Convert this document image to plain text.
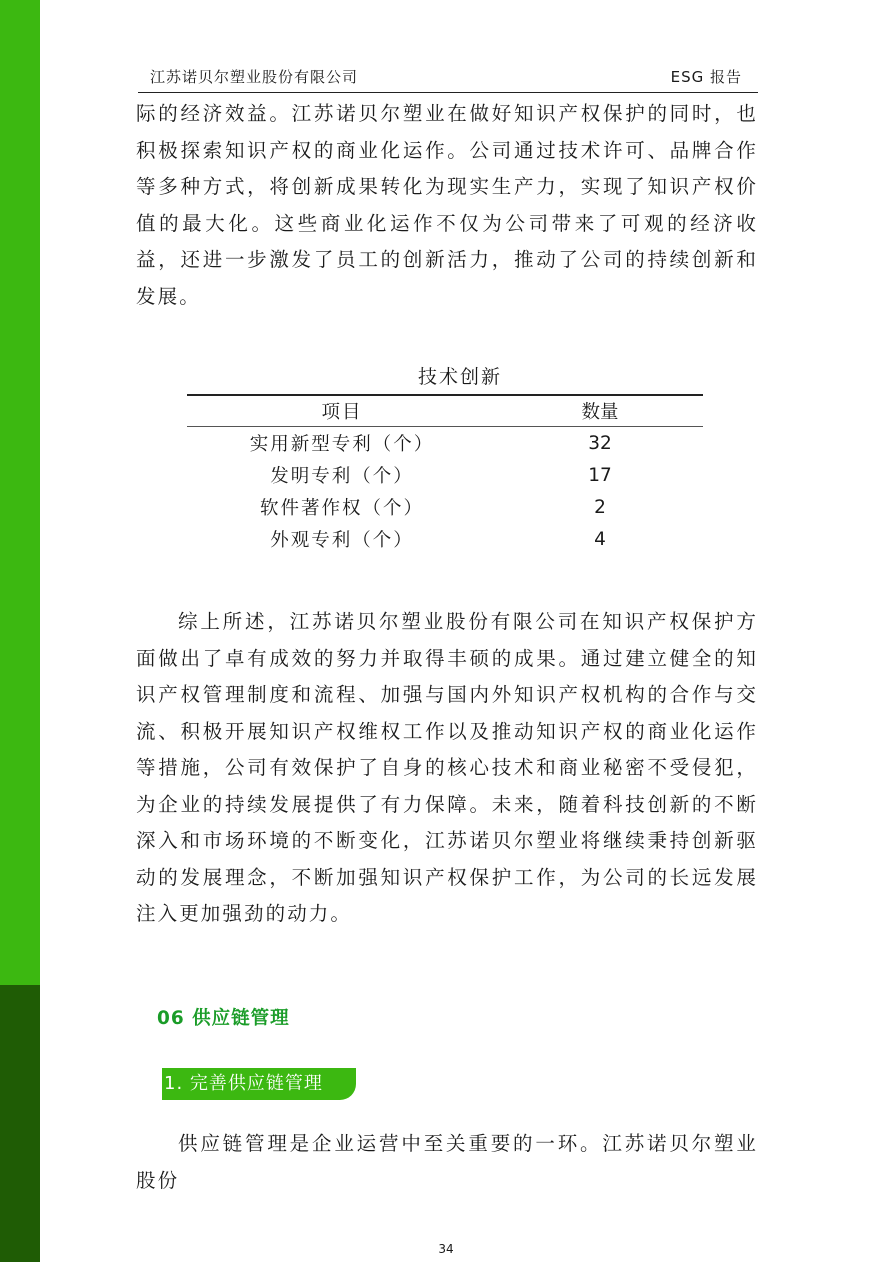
江苏诺贝尔塑业股份有限公司	ESG 报告

际的经济效益。江苏诺贝尔塑业在做好知识产权保护的同时，也积极探索知识产权的商业化运作。公司通过技术许可、品牌合作等多种方式，将创新成果转化为现实生产力，实现了知识产权价值的最大化。这些商业化运作不仅为公司带来了可观的经济收益，还进一步激发了员工的创新活力，推动了公司的持续创新和发展。

技术创新
项目	数量
实用新型专利（个）	32
发明专利（个）	17
软件著作权（个）	2
外观专利（个）	4

综上所述，江苏诺贝尔塑业股份有限公司在知识产权保护方面做出了卓有成效的努力并取得丰硕的成果。通过建立健全的知识产权管理制度和流程、加强与国内外知识产权机构的合作与交流、积极开展知识产权维权工作以及推动知识产权的商业化运作等措施，公司有效保护了自身的核心技术和商业秘密不受侵犯，为企业的持续发展提供了有力保障。未来，随着科技创新的不断深入和市场环境的不断变化，江苏诺贝尔塑业将继续秉持创新驱动的发展理念，不断加强知识产权保护工作，为公司的长远发展注入更加强劲的动力。

06 供应链管理
1. 完善供应链管理

供应链管理是企业运营中至关重要的一环。江苏诺贝尔塑业股份

34
